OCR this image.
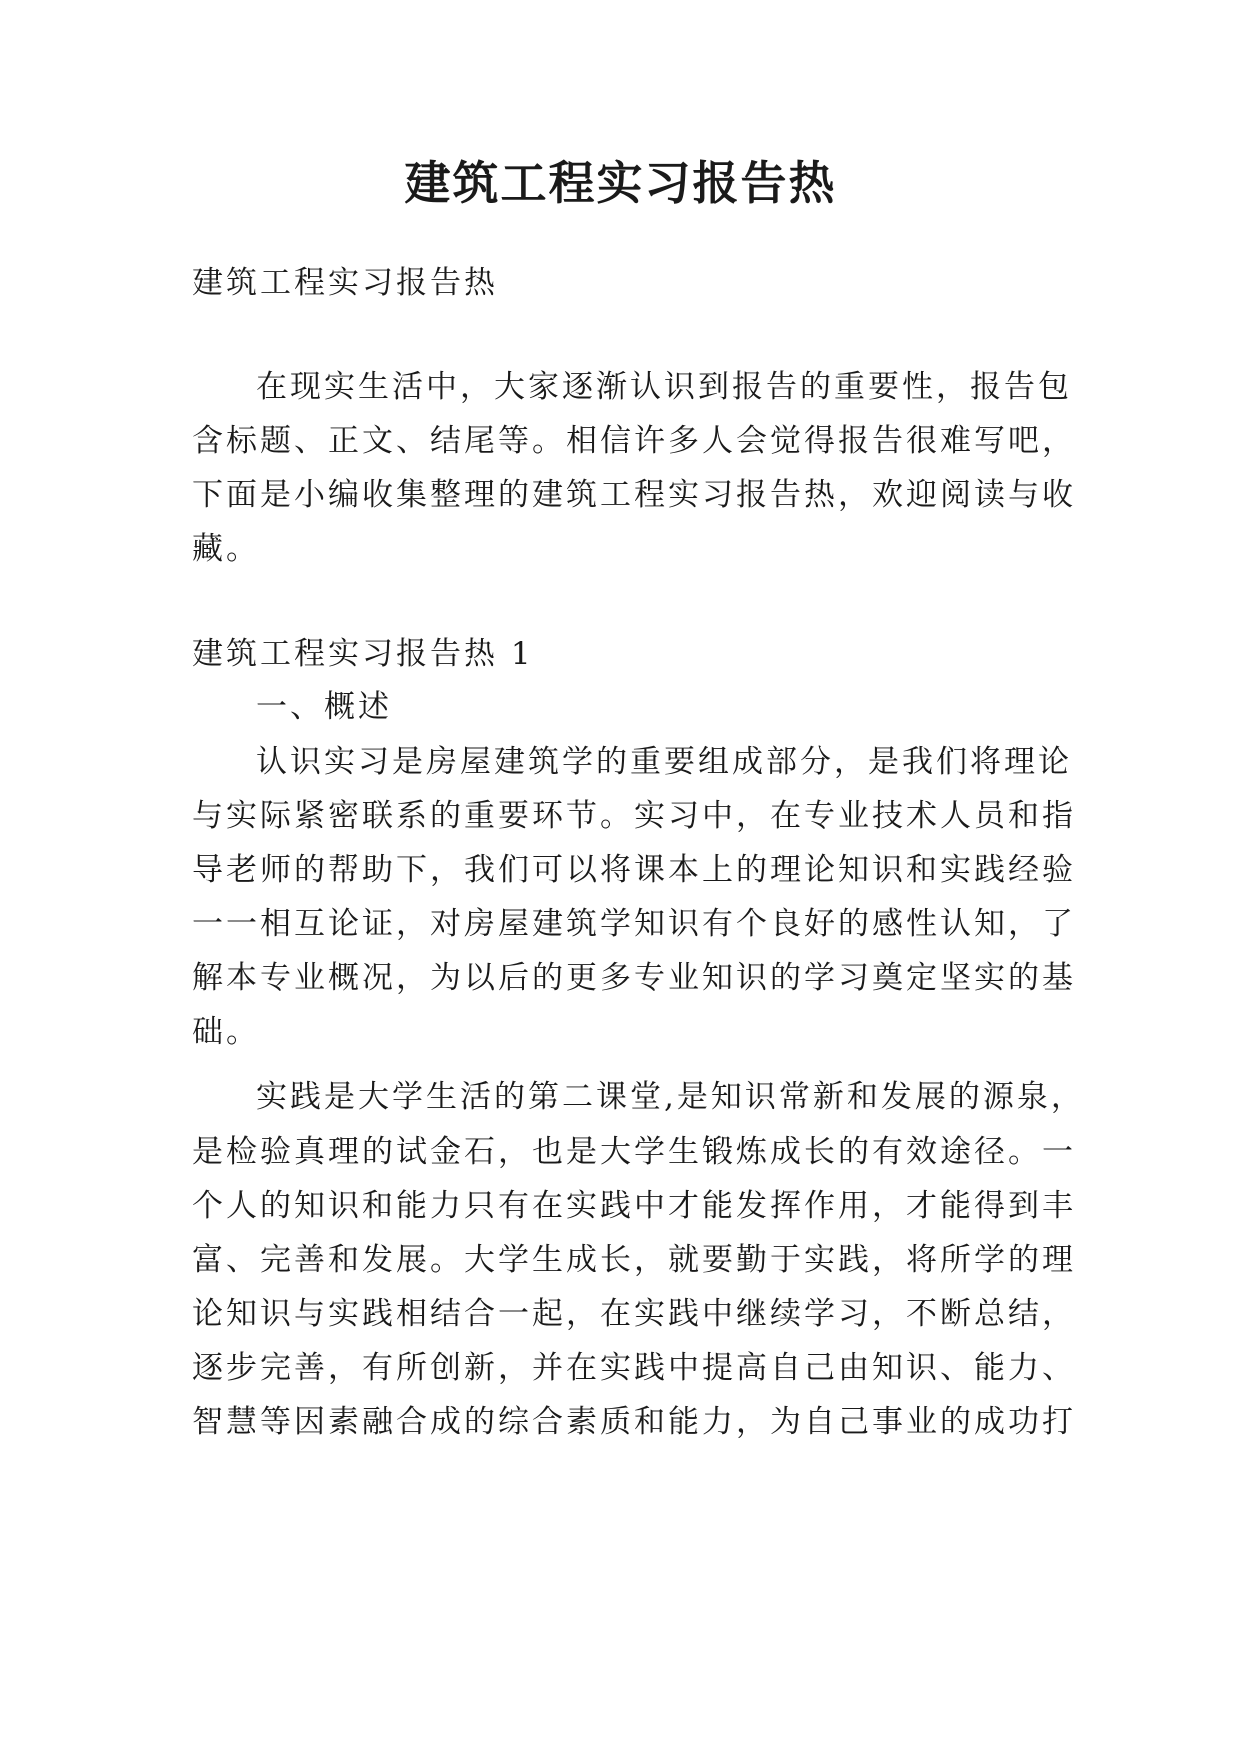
建筑工程实习报告热
建筑工程实习报告热
在现实生活中，大家逐渐认识到报告的重要性，报告包
含标题、正文、结尾等。相信许多人会觉得报告很难写吧，
下面是小编收集整理的建筑工程实习报告热，欢迎阅读与收
藏。
建筑工程实习报告热 1
一、概述
认识实习是房屋建筑学的重要组成部分，是我们将理论
与实际紧密联系的重要环节。实习中，在专业技术人员和指
导老师的帮助下，我们可以将课本上的理论知识和实践经验
一一相互论证，对房屋建筑学知识有个良好的感性认知，了
解本专业概况，为以后的更多专业知识的学习奠定坚实的基
础。
实践是大学生活的第二课堂,是知识常新和发展的源泉，
是检验真理的试金石，也是大学生锻炼成长的有效途径。一
个人的知识和能力只有在实践中才能发挥作用，才能得到丰
富、完善和发展。大学生成长，就要勤于实践，将所学的理
论知识与实践相结合一起，在实践中继续学习，不断总结，
逐步完善，有所创新，并在实践中提高自己由知识、能力、
智慧等因素融合成的综合素质和能力，为自己事业的成功打
